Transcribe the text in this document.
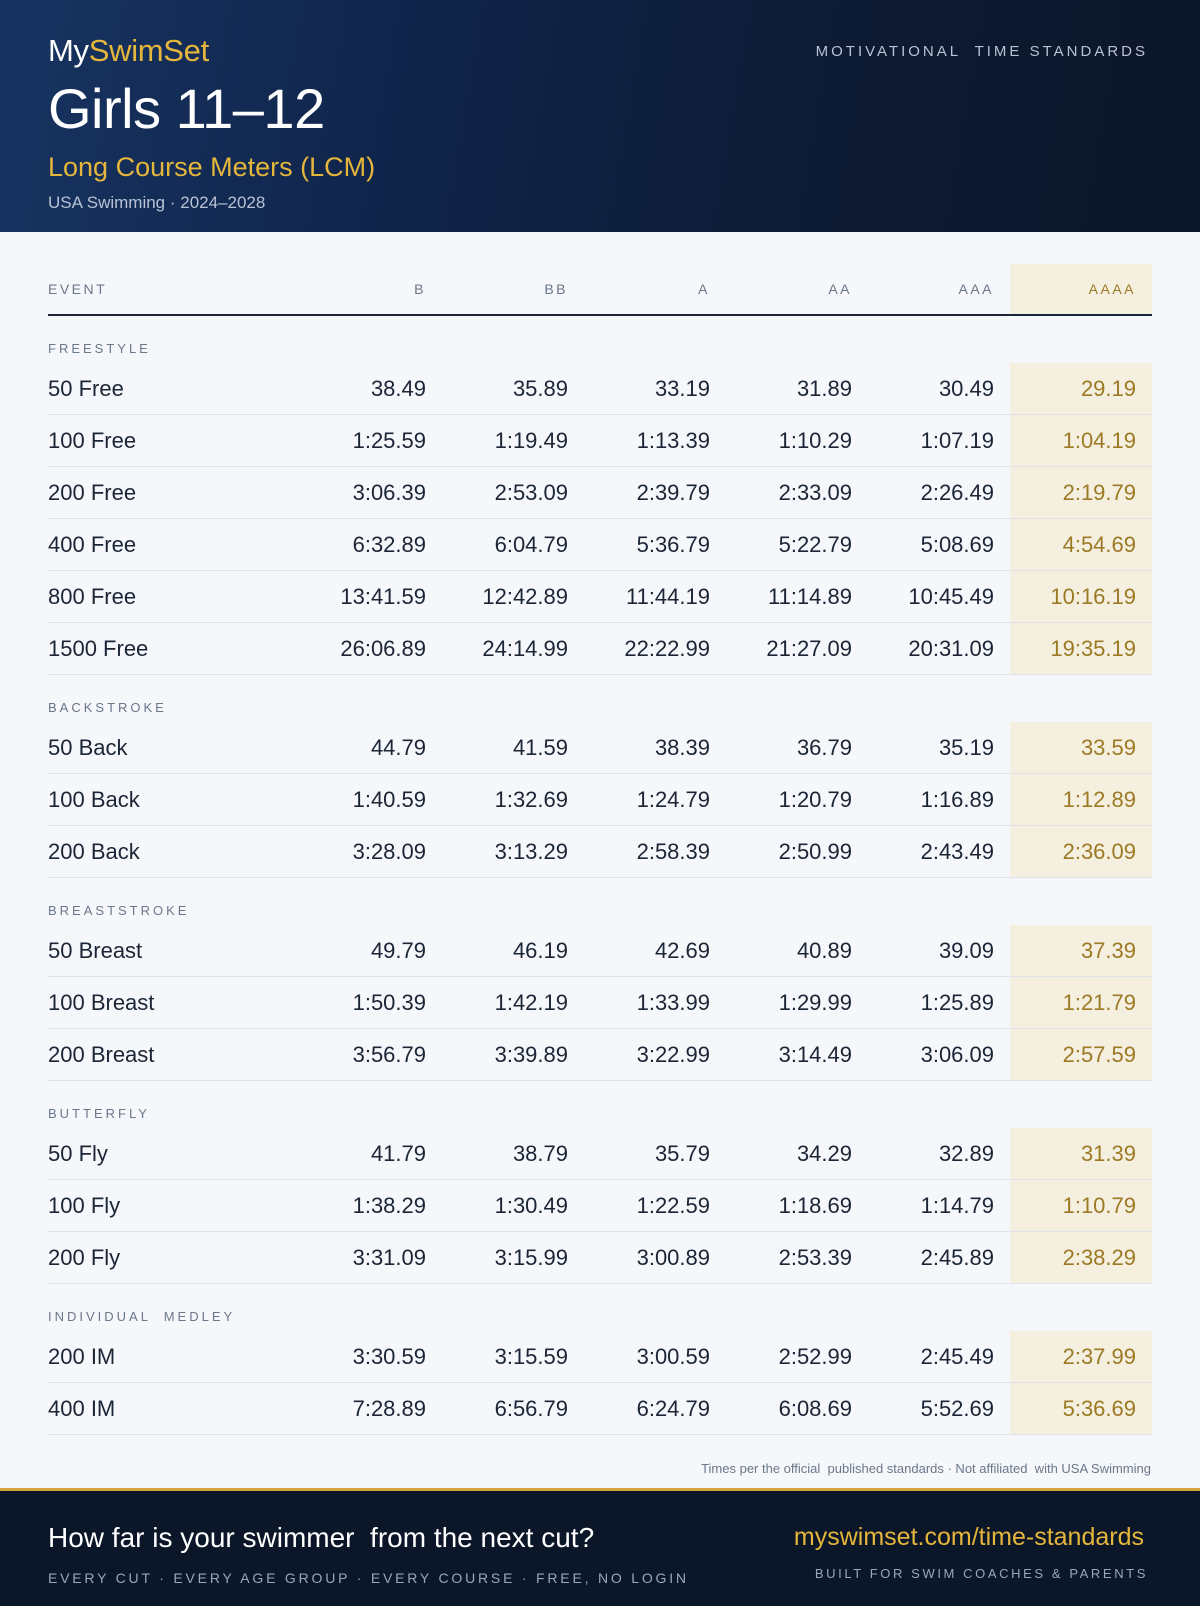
MySwimSet
Girls 11–12
Long Course Meters (LCM)
USA Swimming · 2024–2028
MOTIVATIONAL  TIME STANDARDS
EVENT	B	BB	A	AA	AAA	AAAA
FREESTYLE
50 Free	38.49	35.89	33.19	31.89	30.49	29.19
100 Free	1:25.59	1:19.49	1:13.39	1:10.29	1:07.19	1:04.19
200 Free	3:06.39	2:53.09	2:39.79	2:33.09	2:26.49	2:19.79
400 Free	6:32.89	6:04.79	5:36.79	5:22.79	5:08.69	4:54.69
800 Free	13:41.59	12:42.89	11:44.19	11:14.89	10:45.49	10:16.19
1500 Free	26:06.89	24:14.99	22:22.99	21:27.09	20:31.09	19:35.19
BACKSTROKE
50 Back	44.79	41.59	38.39	36.79	35.19	33.59
100 Back	1:40.59	1:32.69	1:24.79	1:20.79	1:16.89	1:12.89
200 Back	3:28.09	3:13.29	2:58.39	2:50.99	2:43.49	2:36.09
BREASTSTROKE
50 Breast	49.79	46.19	42.69	40.89	39.09	37.39
100 Breast	1:50.39	1:42.19	1:33.99	1:29.99	1:25.89	1:21.79
200 Breast	3:56.79	3:39.89	3:22.99	3:14.49	3:06.09	2:57.59
BUTTERFLY
50 Fly	41.79	38.79	35.79	34.29	32.89	31.39
100 Fly	1:38.29	1:30.49	1:22.59	1:18.69	1:14.79	1:10.79
200 Fly	3:31.09	3:15.99	3:00.89	2:53.39	2:45.89	2:38.29
INDIVIDUAL  MEDLEY
200 IM	3:30.59	3:15.59	3:00.59	2:52.99	2:45.49	2:37.99
400 IM	7:28.89	6:56.79	6:24.79	6:08.69	5:52.69	5:36.69
Times per the official  published standards · Not affiliated  with USA Swimming
How far is your swimmer  from the next cut?
EVERY CUT · EVERY AGE GROUP · EVERY COURSE · FREE, NO LOGIN
myswimset.com/time-standards
BUILT FOR SWIM COACHES & PARENTS
